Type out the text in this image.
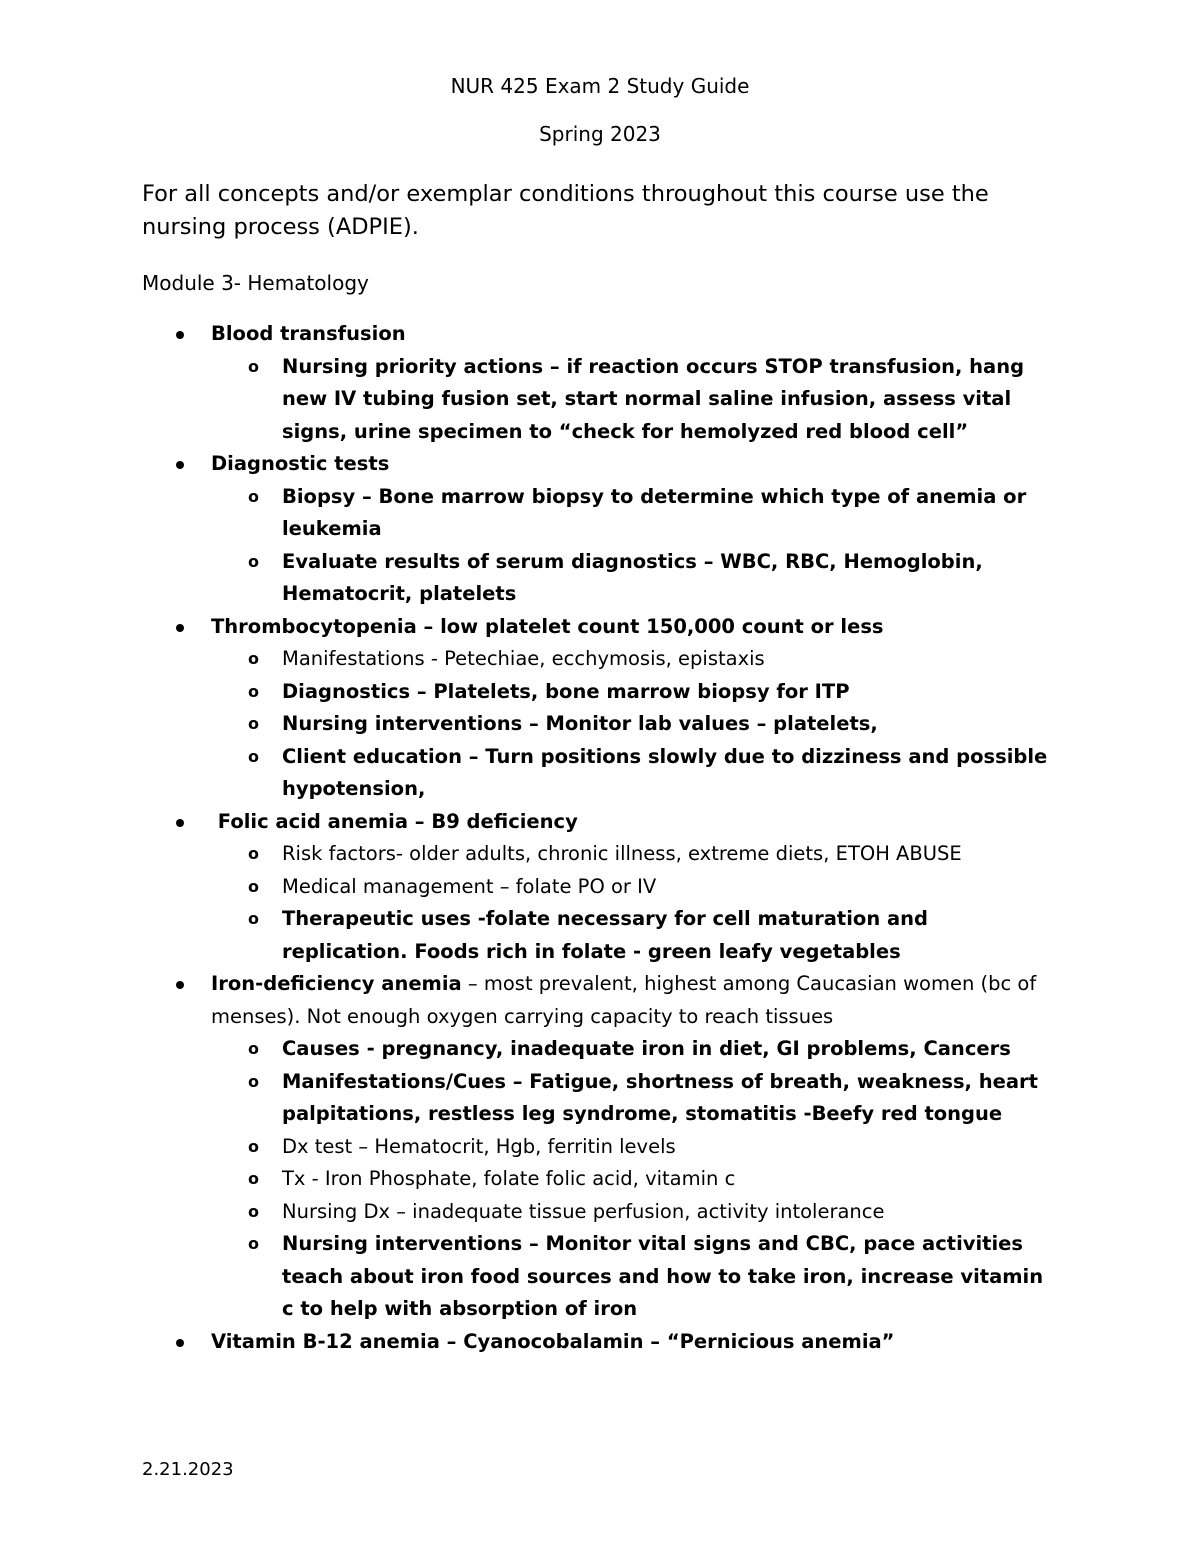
NUR 425 Exam 2 Study Guide
Spring 2023
For all concepts and/or exemplar conditions throughout this course use the nursing process (ADPIE).
Module 3- Hematology
Blood transfusion
o Nursing priority actions – if reaction occurs STOP transfusion, hang new IV tubing fusion set, start normal saline infusion, assess vital signs, urine specimen to “check for hemolyzed red blood cell”
Diagnostic tests
o Biopsy – Bone marrow biopsy to determine which type of anemia or leukemia
o Evaluate results of serum diagnostics – WBC, RBC, Hemoglobin, Hematocrit, platelets
Thrombocytopenia – low platelet count 150,000 count or less
o Manifestations - Petechiae, ecchymosis, epistaxis
o Diagnostics – Platelets, bone marrow biopsy for ITP
o Nursing interventions – Monitor lab values – platelets,
o Client education – Turn positions slowly due to dizziness and possible hypotension,
Folic acid anemia – B9 deficiency
o Risk factors- older adults, chronic illness, extreme diets, ETOH ABUSE
o Medical management – folate PO or IV
o Therapeutic uses -folate necessary for cell maturation and replication. Foods rich in folate - green leafy vegetables
Iron-deficiency anemia – most prevalent, highest among Caucasian women (bc of menses). Not enough oxygen carrying capacity to reach tissues
o Causes - pregnancy, inadequate iron in diet, GI problems, Cancers
o Manifestations/Cues – Fatigue, shortness of breath, weakness, heart palpitations, restless leg syndrome, stomatitis -Beefy red tongue
o Dx test – Hematocrit, Hgb, ferritin levels
o Tx - Iron Phosphate, folate folic acid, vitamin c
o Nursing Dx – inadequate tissue perfusion, activity intolerance
o Nursing interventions – Monitor vital signs and CBC, pace activities teach about iron food sources and how to take iron, increase vitamin c to help with absorption of iron
Vitamin B-12 anemia – Cyanocobalamin – “Pernicious anemia”
2.21.2023
